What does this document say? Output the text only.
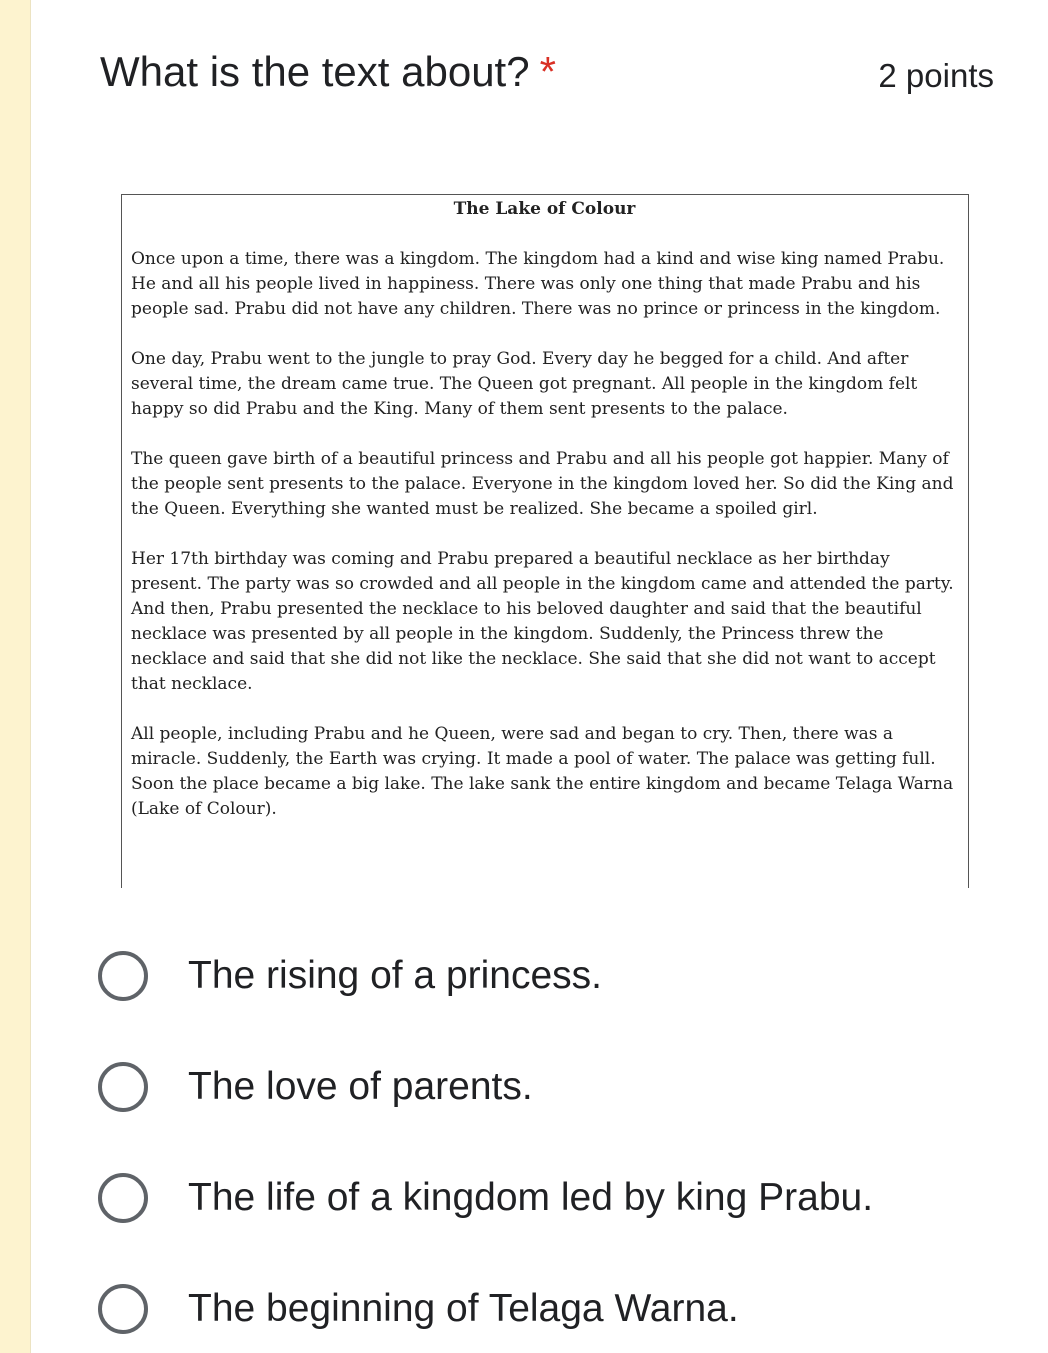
What is the text about? *	2 points
The Lake of Colour

Once upon a time, there was a kingdom. The kingdom had a kind and wise king named Prabu. He and all his people lived in happiness. There was only one thing that made Prabu and his people sad. Prabu did not have any children. There was no prince or princess in the kingdom.

One day, Prabu went to the jungle to pray God. Every day he begged for a child. And after several time, the dream came true. The Queen got pregnant. All people in the kingdom felt happy so did Prabu and the King. Many of them sent presents to the palace.

The queen gave birth of a beautiful princess and Prabu and all his people got happier. Many of the people sent presents to the palace. Everyone in the kingdom loved her. So did the King and the Queen. Everything she wanted must be realized. She became a spoiled girl.

Her 17th birthday was coming and Prabu prepared a beautiful necklace as her birthday present. The party was so crowded and all people in the kingdom came and attended the party. And then, Prabu presented the necklace to his beloved daughter and said that the beautiful necklace was presented by all people in the kingdom. Suddenly, the Princess threw the necklace and said that she did not like the necklace. She said that she did not want to accept that necklace.

All people, including Prabu and he Queen, were sad and began to cry. Then, there was a miracle. Suddenly, the Earth was crying. It made a pool of water. The palace was getting full. Soon the place became a big lake. The lake sank the entire kingdom and became Telaga Warna (Lake of Colour).

The rising of a princess.
The love of parents.
The life of a kingdom led by king Prabu.
The beginning of Telaga Warna.
